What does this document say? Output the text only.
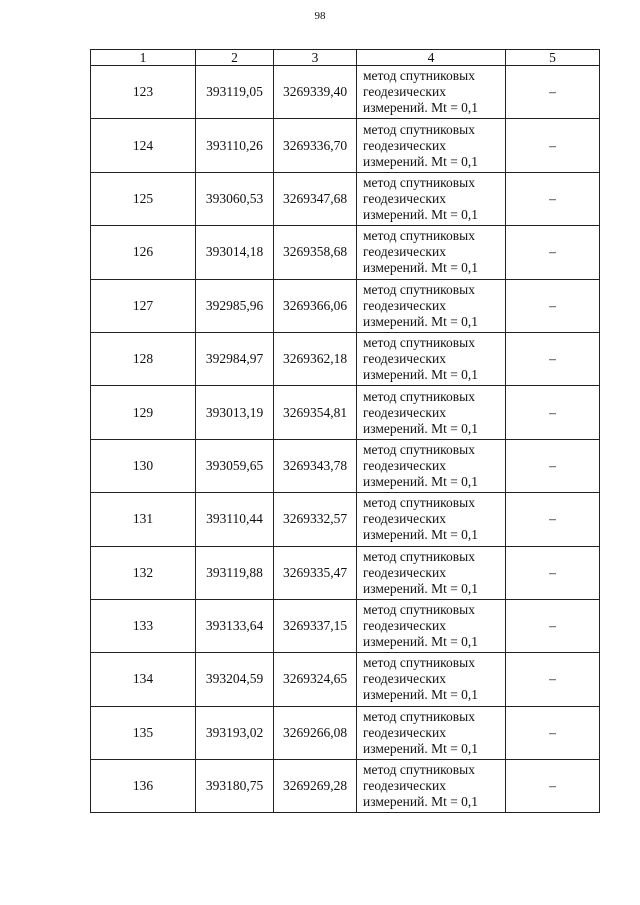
98
1	2	3	4	5
123	393119,05	3269339,40	метод спутниковых
геодезических
измерений. Mt = 0,1	–
124	393110,26	3269336,70	метод спутниковых
геодезических
измерений. Mt = 0,1	–
125	393060,53	3269347,68	метод спутниковых
геодезических
измерений. Mt = 0,1	–
126	393014,18	3269358,68	метод спутниковых
геодезических
измерений. Mt = 0,1	–
127	392985,96	3269366,06	метод спутниковых
геодезических
измерений. Mt = 0,1	–
128	392984,97	3269362,18	метод спутниковых
геодезических
измерений. Mt = 0,1	–
129	393013,19	3269354,81	метод спутниковых
геодезических
измерений. Mt = 0,1	–
130	393059,65	3269343,78	метод спутниковых
геодезических
измерений. Mt = 0,1	–
131	393110,44	3269332,57	метод спутниковых
геодезических
измерений. Mt = 0,1	–
132	393119,88	3269335,47	метод спутниковых
геодезических
измерений. Mt = 0,1	–
133	393133,64	3269337,15	метод спутниковых
геодезических
измерений. Mt = 0,1	–
134	393204,59	3269324,65	метод спутниковых
геодезических
измерений. Mt = 0,1	–
135	393193,02	3269266,08	метод спутниковых
геодезических
измерений. Mt = 0,1	–
136	393180,75	3269269,28	метод спутниковых
геодезических
измерений. Mt = 0,1	–
